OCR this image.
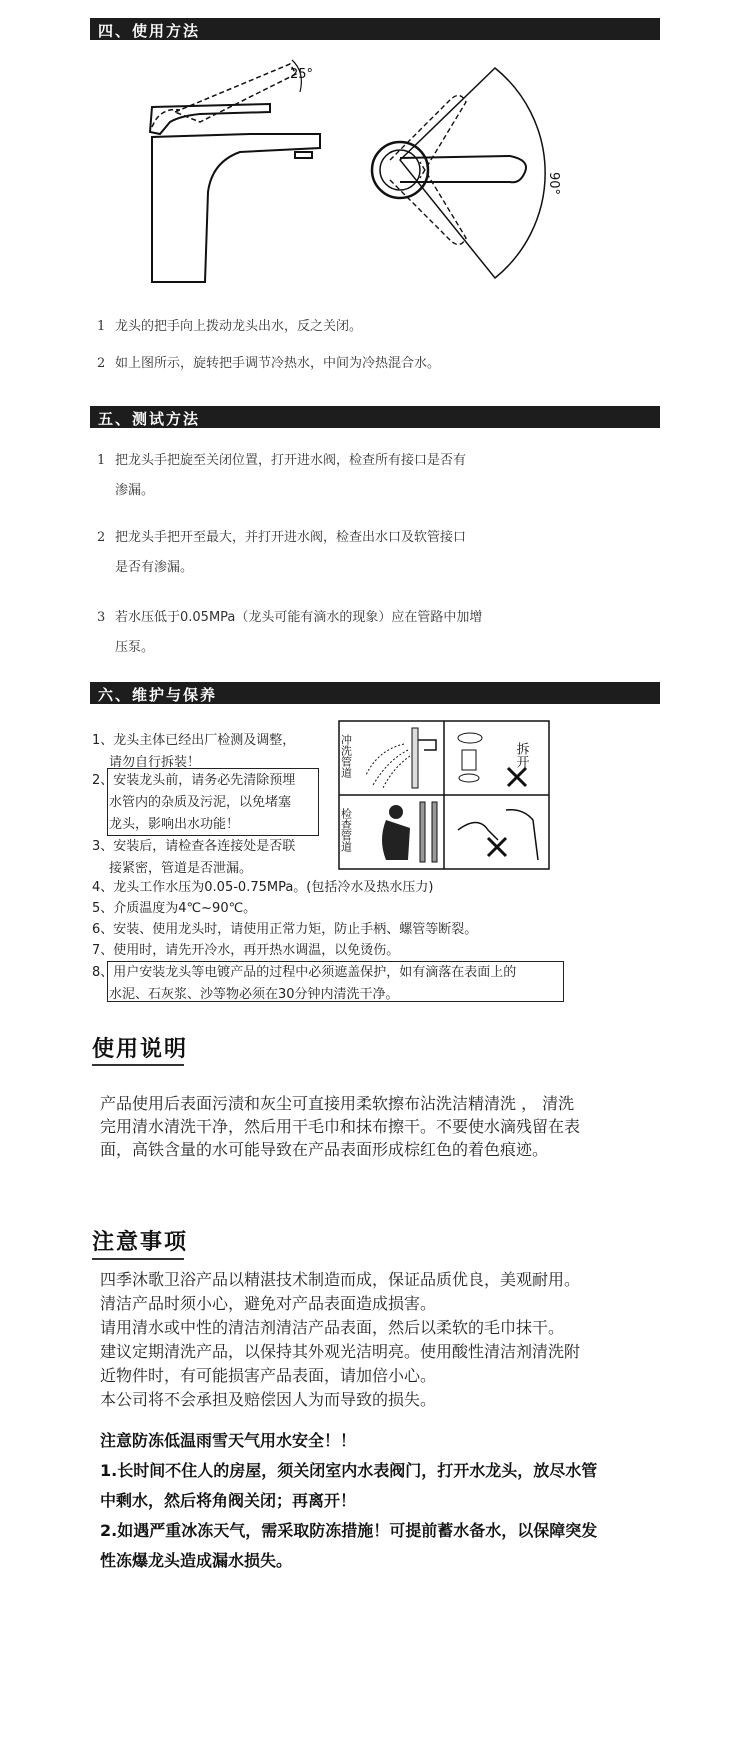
四、使用方法
25°
90°
1 龙头的把手向上拨动龙头出水，反之关闭。
2 如上图所示，旋转把手调节冷热水，中间为冷热混合水。
五、测试方法
1 把龙头手把旋至关闭位置，打开进水阀，检查所有接口是否有
渗漏。
2 把龙头手把开至最大，并打开进水阀，检查出水口及软管接口
是否有渗漏。
3 若水压低于0.05MPa（龙头可能有滴水的现象）应在管路中加增
压泵。
六、维护与保养
1、龙头主体已经出厂检测及调整，
请勿自行拆装！
2、安装龙头前，请务必先清除预埋
水管内的杂质及污泥，以免堵塞
龙头，影响出水功能！
3、安装后，请检查各连接处是否联
接紧密，管道是否泄漏。
4、龙头工作水压为0.05-0.75MPa。(包括冷水及热水压力)
5、介质温度为4℃~90℃。
6、安装、使用龙头时，请使用正常力矩，防止手柄、螺管等断裂。
7、使用时，请先开冷水，再开热水调温，以免烫伤。
8、用户安装龙头等电镀产品的过程中必须遮盖保护，如有滴落在表面上的
水泥、石灰浆、沙等物必须在30分钟内清洗干净。
冲洗管道	拆开
检查管道
使用说明
产品使用后表面污渍和灰尘可直接用柔软擦布沾洗洁精清洗 ， 清洗
完用清水清洗干净，然后用干毛巾和抹布擦干。不要使水滴残留在表
面，高铁含量的水可能导致在产品表面形成棕红色的着色痕迹。
注意事项
四季沐歌卫浴产品以精湛技术制造而成，保证品质优良，美观耐用。
清洁产品时须小心，避免对产品表面造成损害。
请用清水或中性的清洁剂清洁产品表面，然后以柔软的毛巾抹干。
建议定期清洗产品，以保持其外观光洁明亮。使用酸性清洁剂清洗附
近物件时，有可能损害产品表面，请加倍小心。
本公司将不会承担及赔偿因人为而导致的损失。
注意防冻低温雨雪天气用水安全！！
1.长时间不住人的房屋，须关闭室内水表阀门，打开水龙头，放尽水管
中剩水，然后将角阀关闭；再离开！
2.如遇严重冰冻天气，需采取防冻措施！可提前蓄水备水，以保障突发
性冻爆龙头造成漏水损失。
